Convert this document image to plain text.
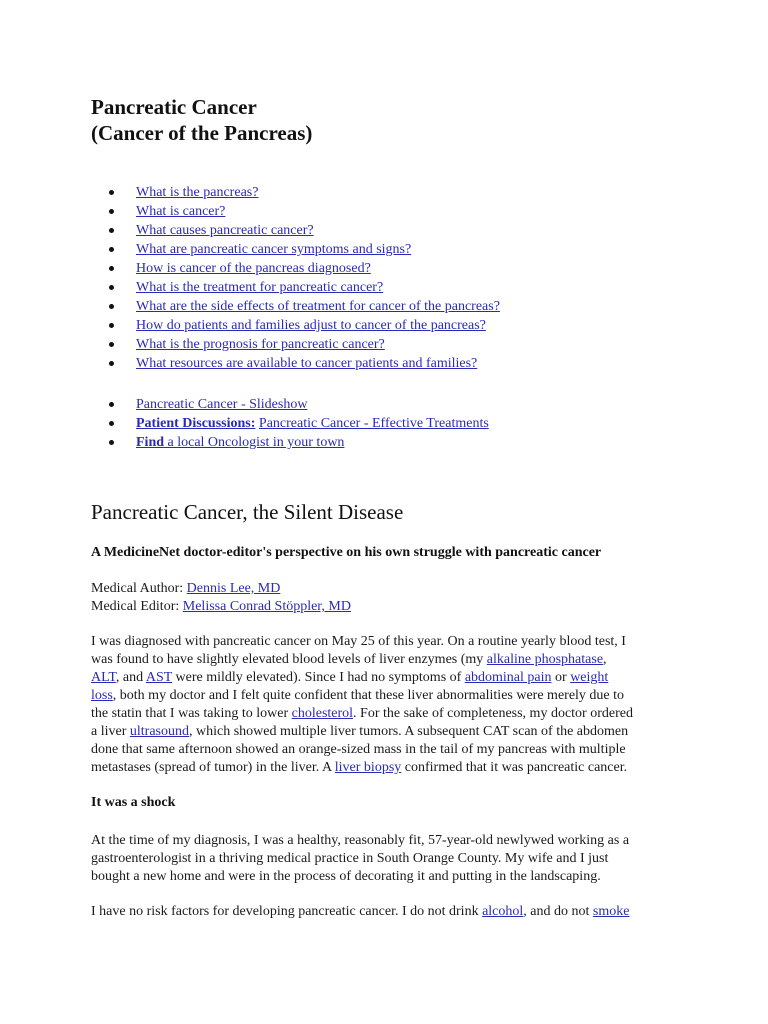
Pancreatic Cancer
(Cancer of the Pancreas)
What is the pancreas?
What is cancer?
What causes pancreatic cancer?
What are pancreatic cancer symptoms and signs?
How is cancer of the pancreas diagnosed?
What is the treatment for pancreatic cancer?
What are the side effects of treatment for cancer of the pancreas?
How do patients and families adjust to cancer of the pancreas?
What is the prognosis for pancreatic cancer?
What resources are available to cancer patients and families?
Pancreatic Cancer - Slideshow
Patient Discussions: Pancreatic Cancer - Effective Treatments
Find a local Oncologist in your town
Pancreatic Cancer, the Silent Disease
A MedicineNet doctor-editor's perspective on his own struggle with pancreatic cancer
Medical Author: Dennis Lee, MD
Medical Editor: Melissa Conrad Stöppler, MD
I was diagnosed with pancreatic cancer on May 25 of this year. On a routine yearly blood test, I
was found to have slightly elevated blood levels of liver enzymes (my alkaline phosphatase,
ALT, and AST were mildly elevated). Since I had no symptoms of abdominal pain or weight
loss, both my doctor and I felt quite confident that these liver abnormalities were merely due to
the statin that I was taking to lower cholesterol. For the sake of completeness, my doctor ordered
a liver ultrasound, which showed multiple liver tumors. A subsequent CAT scan of the abdomen
done that same afternoon showed an orange-sized mass in the tail of my pancreas with multiple
metastases (spread of tumor) in the liver. A liver biopsy confirmed that it was pancreatic cancer.
It was a shock
At the time of my diagnosis, I was a healthy, reasonably fit, 57-year-old newlywed working as a
gastroenterologist in a thriving medical practice in South Orange County. My wife and I just
bought a new home and were in the process of decorating it and putting in the landscaping.
I have no risk factors for developing pancreatic cancer. I do not drink alcohol, and do not smoke
